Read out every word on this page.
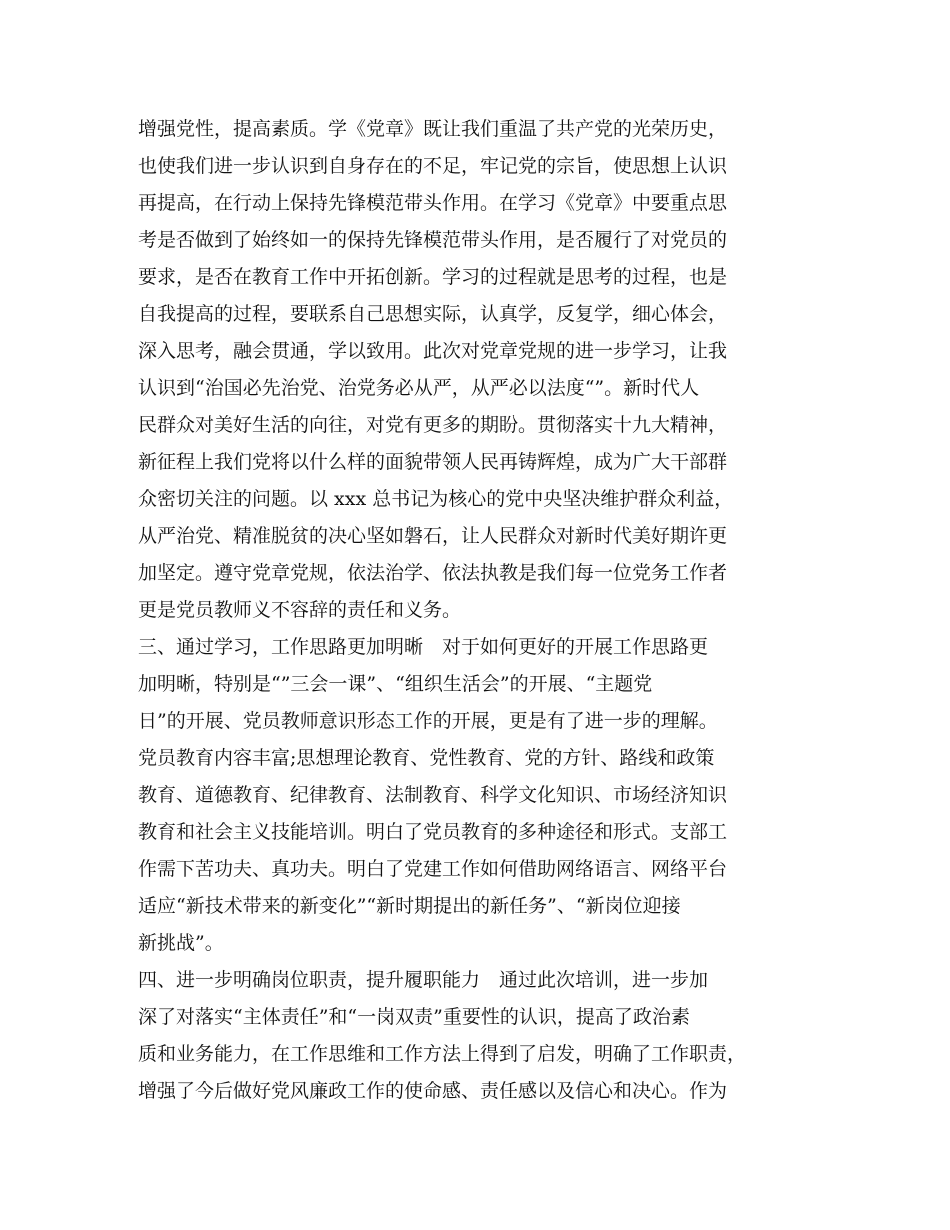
增强党性，提高素质。学《党章》既让我们重温了共产党的光荣历史，
也使我们进一步认识到自身存在的不足，牢记党的宗旨，使思想上认识
再提高，在行动上保持先锋模范带头作用。在学习《党章》中要重点思
考是否做到了始终如一的保持先锋模范带头作用，是否履行了对党员的
要求，是否在教育工作中开拓创新。学习的过程就是思考的过程，也是
自我提高的过程，要联系自己思想实际，认真学，反复学，细心体会，
深入思考，融会贯通，学以致用。此次对党章党规的进一步学习，让我
认识到“治国必先治党、治党务必从严，从严必以法度“”。新时代人
民群众对美好生活的向往，对党有更多的期盼。贯彻落实十九大精神，
新征程上我们党将以什么样的面貌带领人民再铸辉煌，成为广大干部群
众密切关注的问题。以 xxx 总书记为核心的党中央坚决维护群众利益，
从严治党、精准脱贫的决心坚如磐石，让人民群众对新时代美好期许更
加坚定。遵守党章党规，依法治学、依法执教是我们每一位党务工作者
更是党员教师义不容辞的责任和义务。
三、通过学习，工作思路更加明晰　对于如何更好的开展工作思路更
加明晰，特别是“”三会一课”、“组织生活会”的开展、“主题党
日”的开展、党员教师意识形态工作的开展，更是有了进一步的理解。
党员教育内容丰富;思想理论教育、党性教育、党的方针、路线和政策
教育、道德教育、纪律教育、法制教育、科学文化知识、市场经济知识
教育和社会主义技能培训。明白了党员教育的多种途径和形式。支部工
作需下苦功夫、真功夫。明白了党建工作如何借助网络语言、网络平台
适应“新技术带来的新变化”“新时期提出的新任务”、“新岗位迎接
新挑战”。
四、进一步明确岗位职责，提升履职能力　通过此次培训，进一步加
深了对落实“主体责任”和“一岗双责”重要性的认识，提高了政治素
质和业务能力，在工作思维和工作方法上得到了启发，明确了工作职责，
增强了今后做好党风廉政工作的使命感、责任感以及信心和决心。作为
